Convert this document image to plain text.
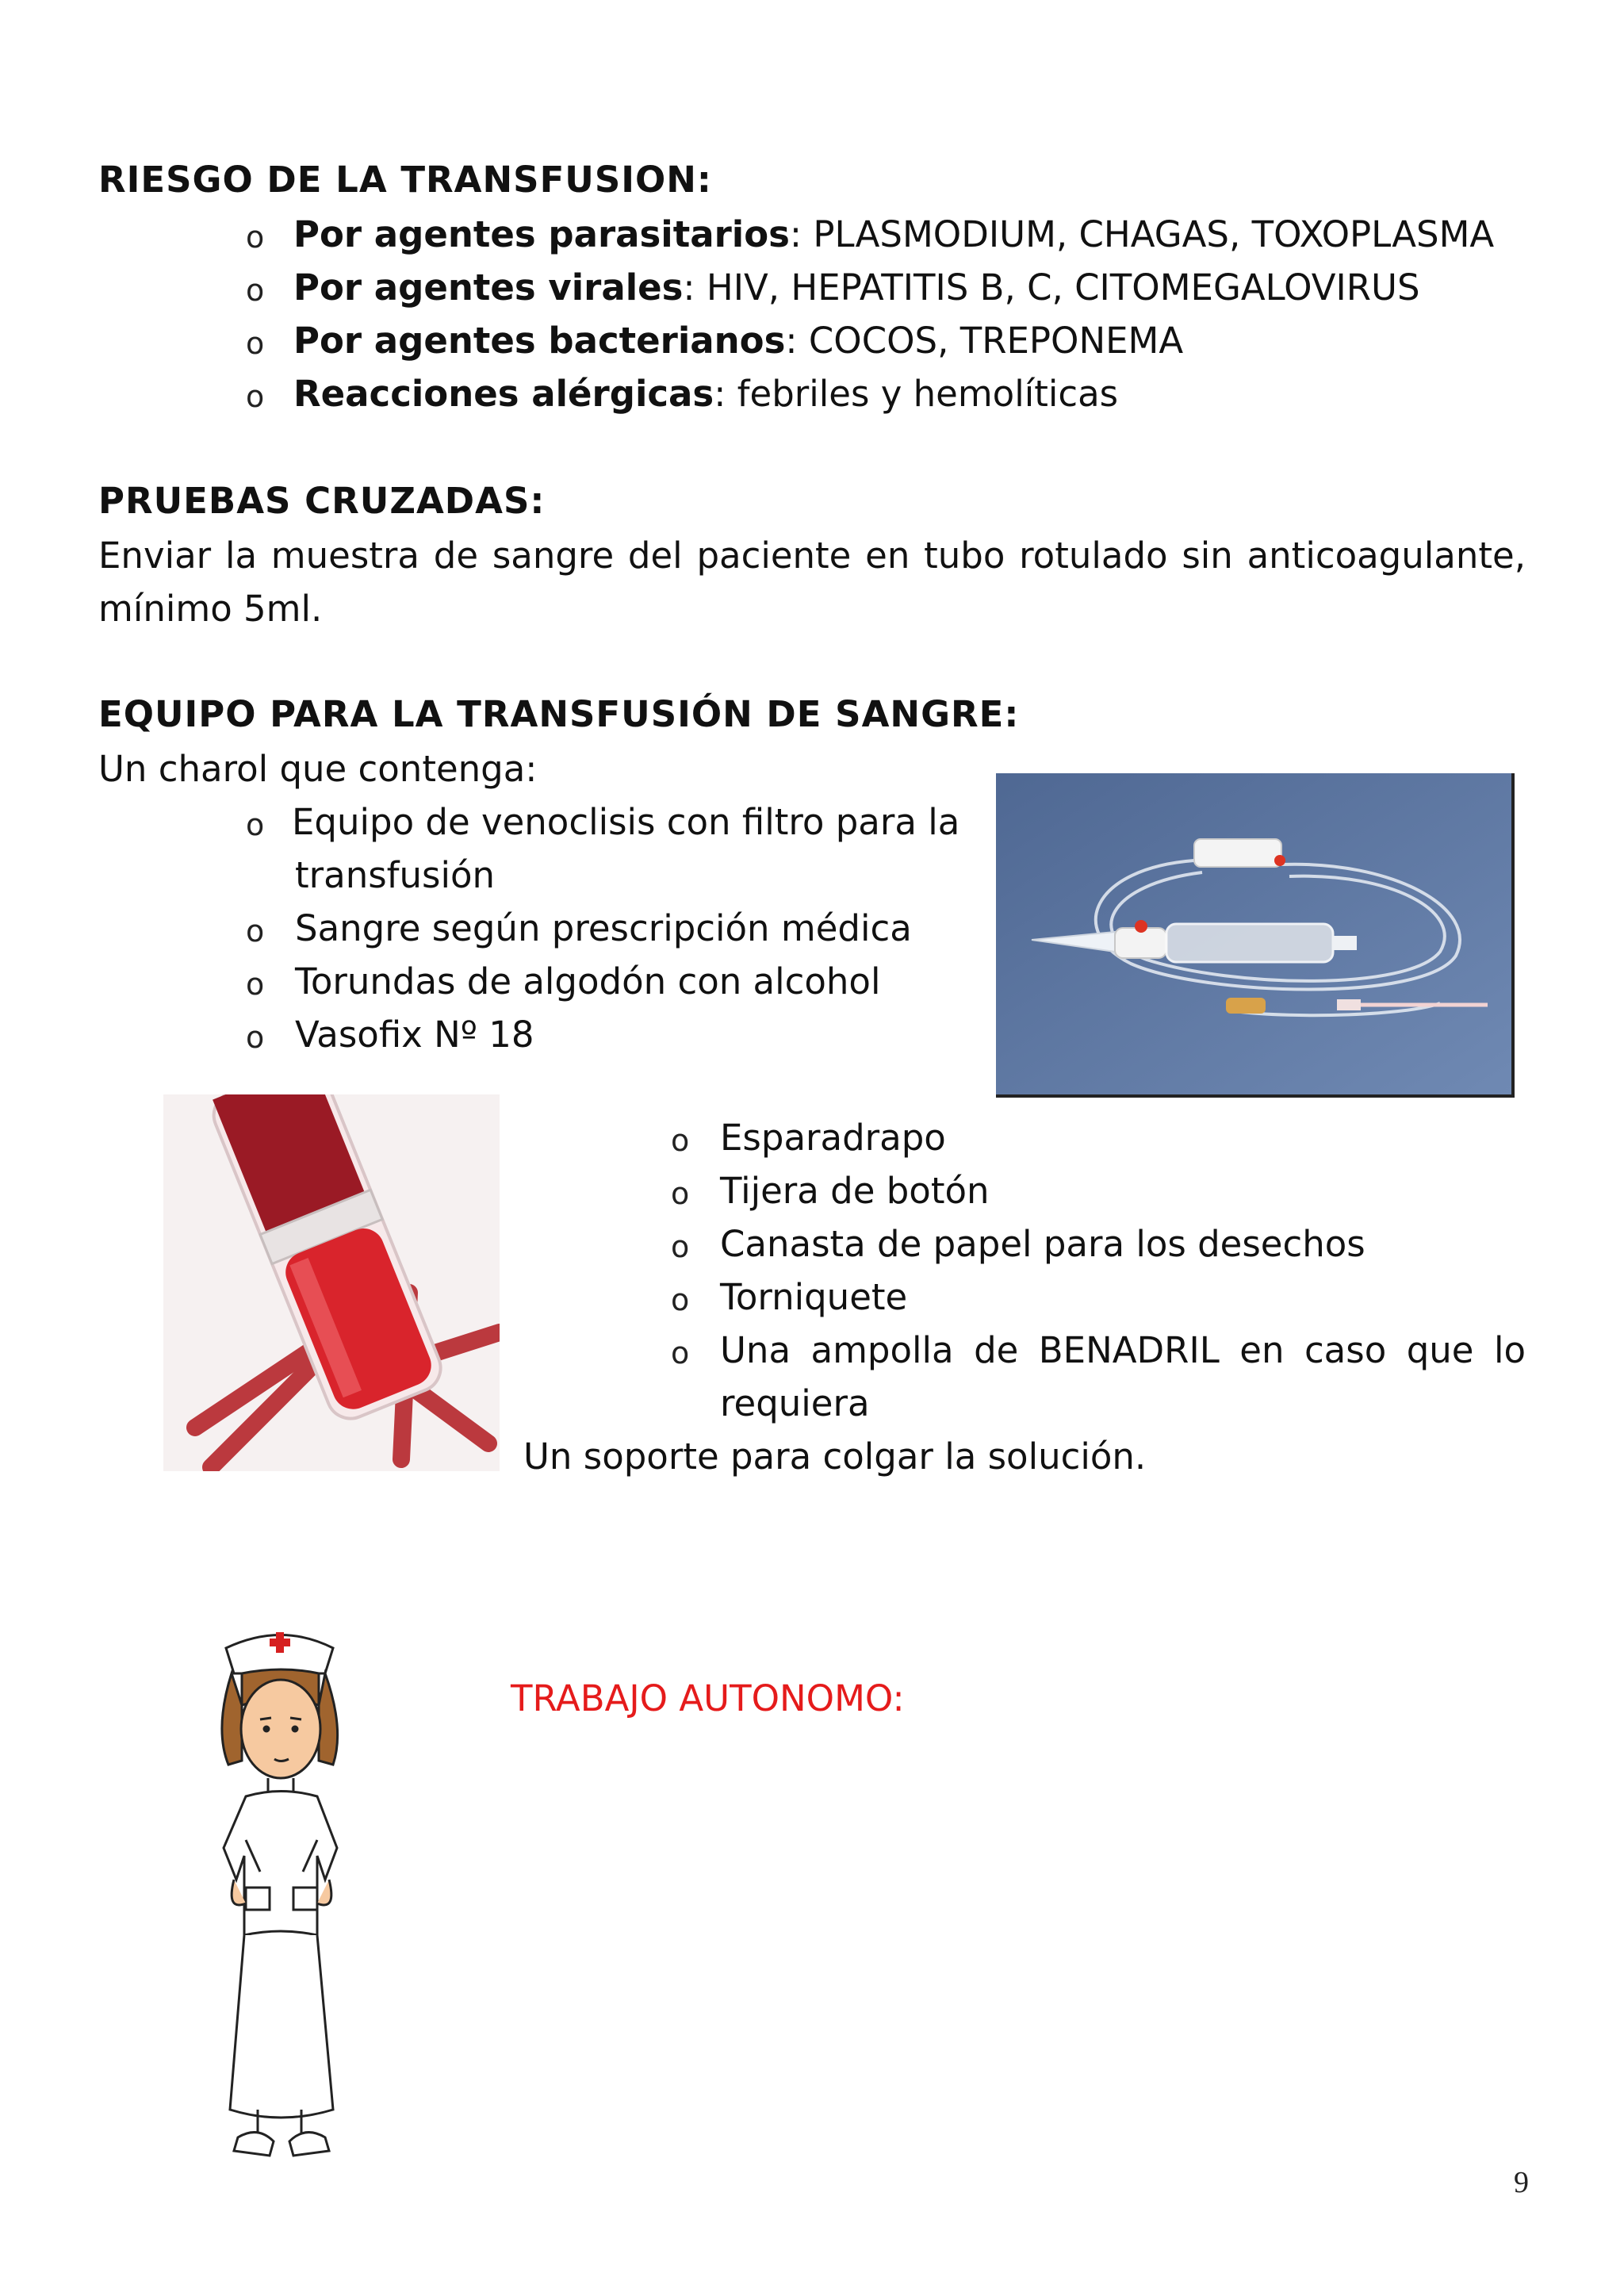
RIESGO DE LA TRANSFUSION:
o Por agentes parasitarios: PLASMODIUM, CHAGAS, TOXOPLASMA
o Por agentes virales: HIV, HEPATITIS B, C, CITOMEGALOVIRUS
o Por agentes bacterianos: COCOS, TREPONEMA
o Reacciones alérgicas: febriles y hemolíticas
PRUEBAS CRUZADAS:
Enviar la muestra de sangre del paciente en tubo rotulado sin anticoagulante,
mínimo 5ml.
EQUIPO PARA LA TRANSFUSIÓN DE SANGRE:
Un charol que contenga:
o Equipo de venoclisis con filtro para la
transfusión
o Sangre según prescripción médica
o Torundas de algodón con alcohol
o Vasofix Nº 18
o Esparadrapo
o Tijera de botón
o Canasta de papel para los desechos
o Torniquete
o Una ampolla de BENADRIL en caso que lo
requiera
Un soporte para colgar la solución.
TRABAJO AUTONOMO:
9
